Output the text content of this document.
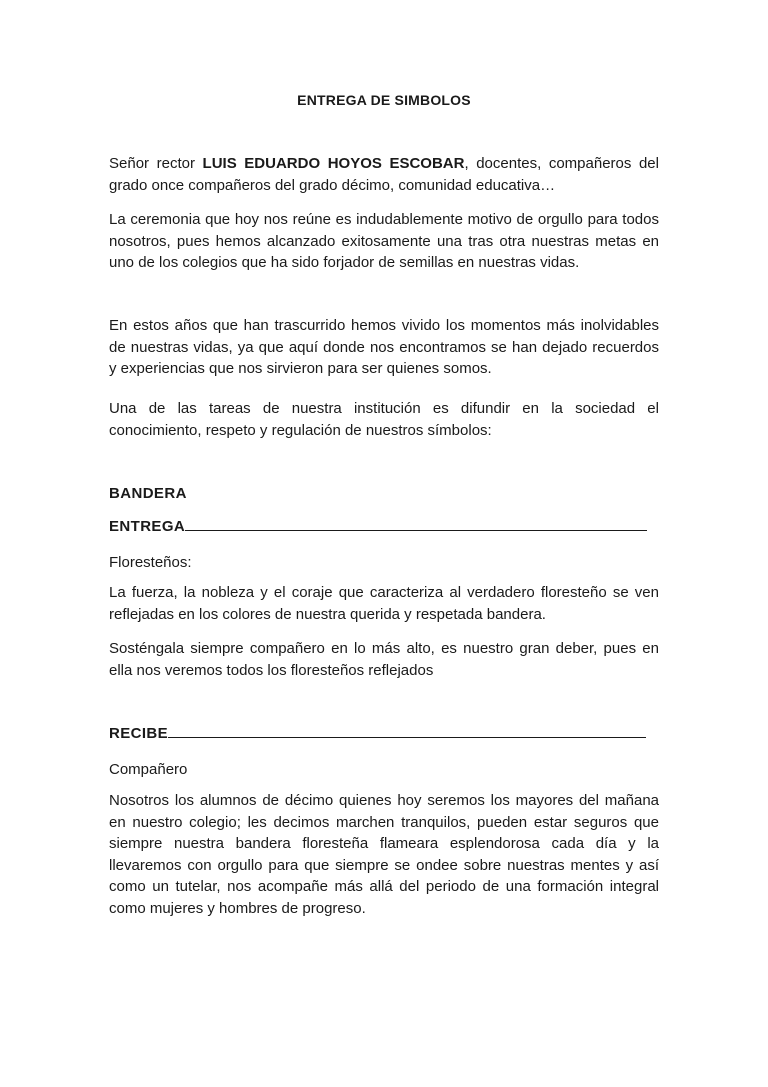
ENTREGA DE SIMBOLOS
Señor rector LUIS EDUARDO HOYOS ESCOBAR, docentes, compañeros del grado once compañeros del grado décimo, comunidad educativa…
La ceremonia que hoy nos reúne es indudablemente motivo de orgullo para todos nosotros, pues hemos alcanzado exitosamente una tras otra nuestras metas en uno de los colegios que ha sido forjador de semillas en nuestras vidas.
En estos años que han trascurrido hemos vivido los momentos más inolvidables de nuestras vidas, ya que aquí donde nos encontramos se han dejado recuerdos y experiencias que nos sirvieron para ser quienes somos.
Una de las tareas de nuestra institución es difundir en la sociedad el conocimiento, respeto y regulación de nuestros símbolos:
BANDERA
ENTREGA
Floresteños:
La fuerza, la nobleza y el coraje que caracteriza al verdadero floresteño se ven reflejadas en los colores de nuestra querida y respetada bandera.
Sosténgala siempre compañero en lo más alto, es nuestro gran deber, pues en ella nos veremos todos los floresteños reflejados
RECIBE
Compañero
Nosotros los alumnos de décimo quienes hoy seremos los mayores del mañana en nuestro colegio; les decimos marchen tranquilos, pueden estar seguros que siempre nuestra bandera floresteña flameara esplendorosa cada día y la llevaremos con orgullo para que siempre se ondee sobre nuestras mentes y así como un tutelar, nos acompañe más allá del periodo de una formación integral como mujeres y hombres de progreso.
